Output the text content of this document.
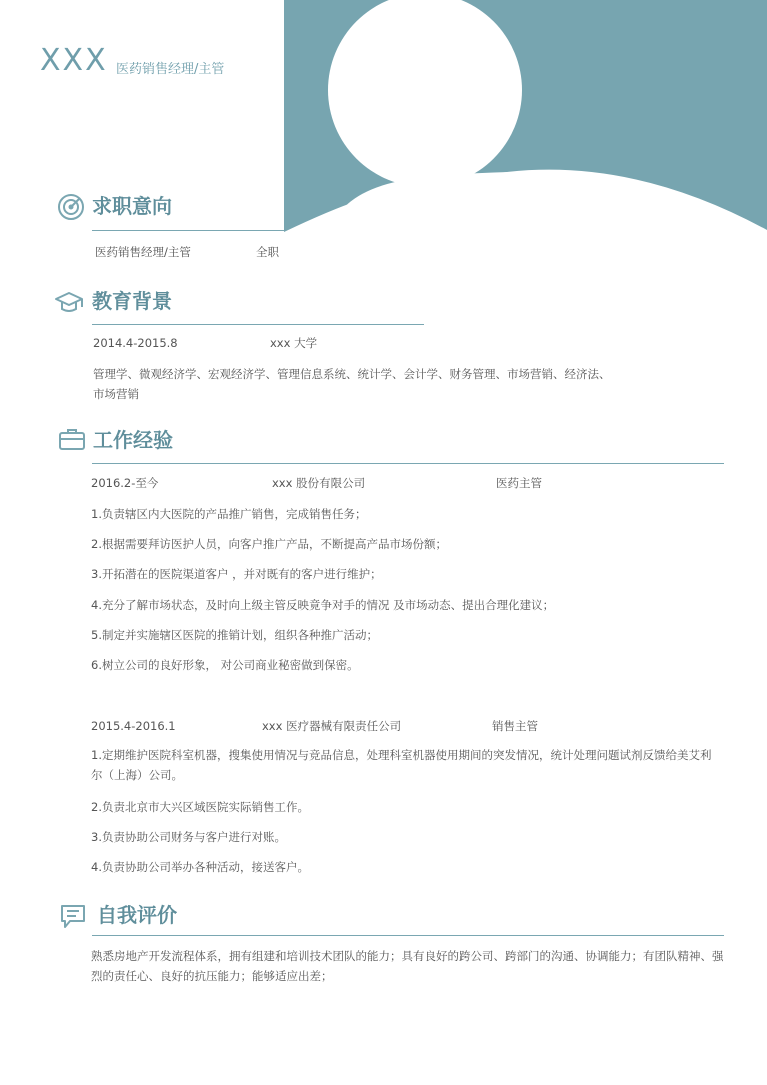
XXX 医药销售经理/主管
求职意向
医药销售经理/主管	全职
教育背景
2014.4-2015.8	xxx 大学
管理学、微观经济学、宏观经济学、管理信息系统、统计学、会计学、财务管理、市场营销、经济法、
市场营销
工作经验
2016.2-至今	xxx 股份有限公司	医药主管
1.负责辖区内大医院的产品推广销售，完成销售任务；
2.根据需要拜访医护人员，向客户推广产品，不断提高产品市场份额；
3.开拓潜在的医院渠道客户 ，并对既有的客户进行维护；
4.充分了解市场状态，及时向上级主管反映竟争对手的情况 及市场动态、提出合理化建议；
5.制定并实施辖区医院的推销计划，组织各种推广活动；
6.树立公司的良好形象， 对公司商业秘密做到保密。
2015.4-2016.1	xxx 医疗器械有限责任公司	销售主管
1.定期维护医院科室机器，搜集使用情况与竞品信息，处理科室机器使用期间的突发情况，统计处理问题试剂反馈给美艾利尔（上海）公司。
2.负责北京市大兴区域医院实际销售工作。
3.负责协助公司财务与客户进行对账。
4.负责协助公司举办各种活动，接送客户。
自我评价
熟悉房地产开发流程体系，拥有组建和培训技术团队的能力；具有良好的跨公司、跨部门的沟通、协调能力；有团队精神、强烈的责任心、良好的抗压能力；能够适应出差；
